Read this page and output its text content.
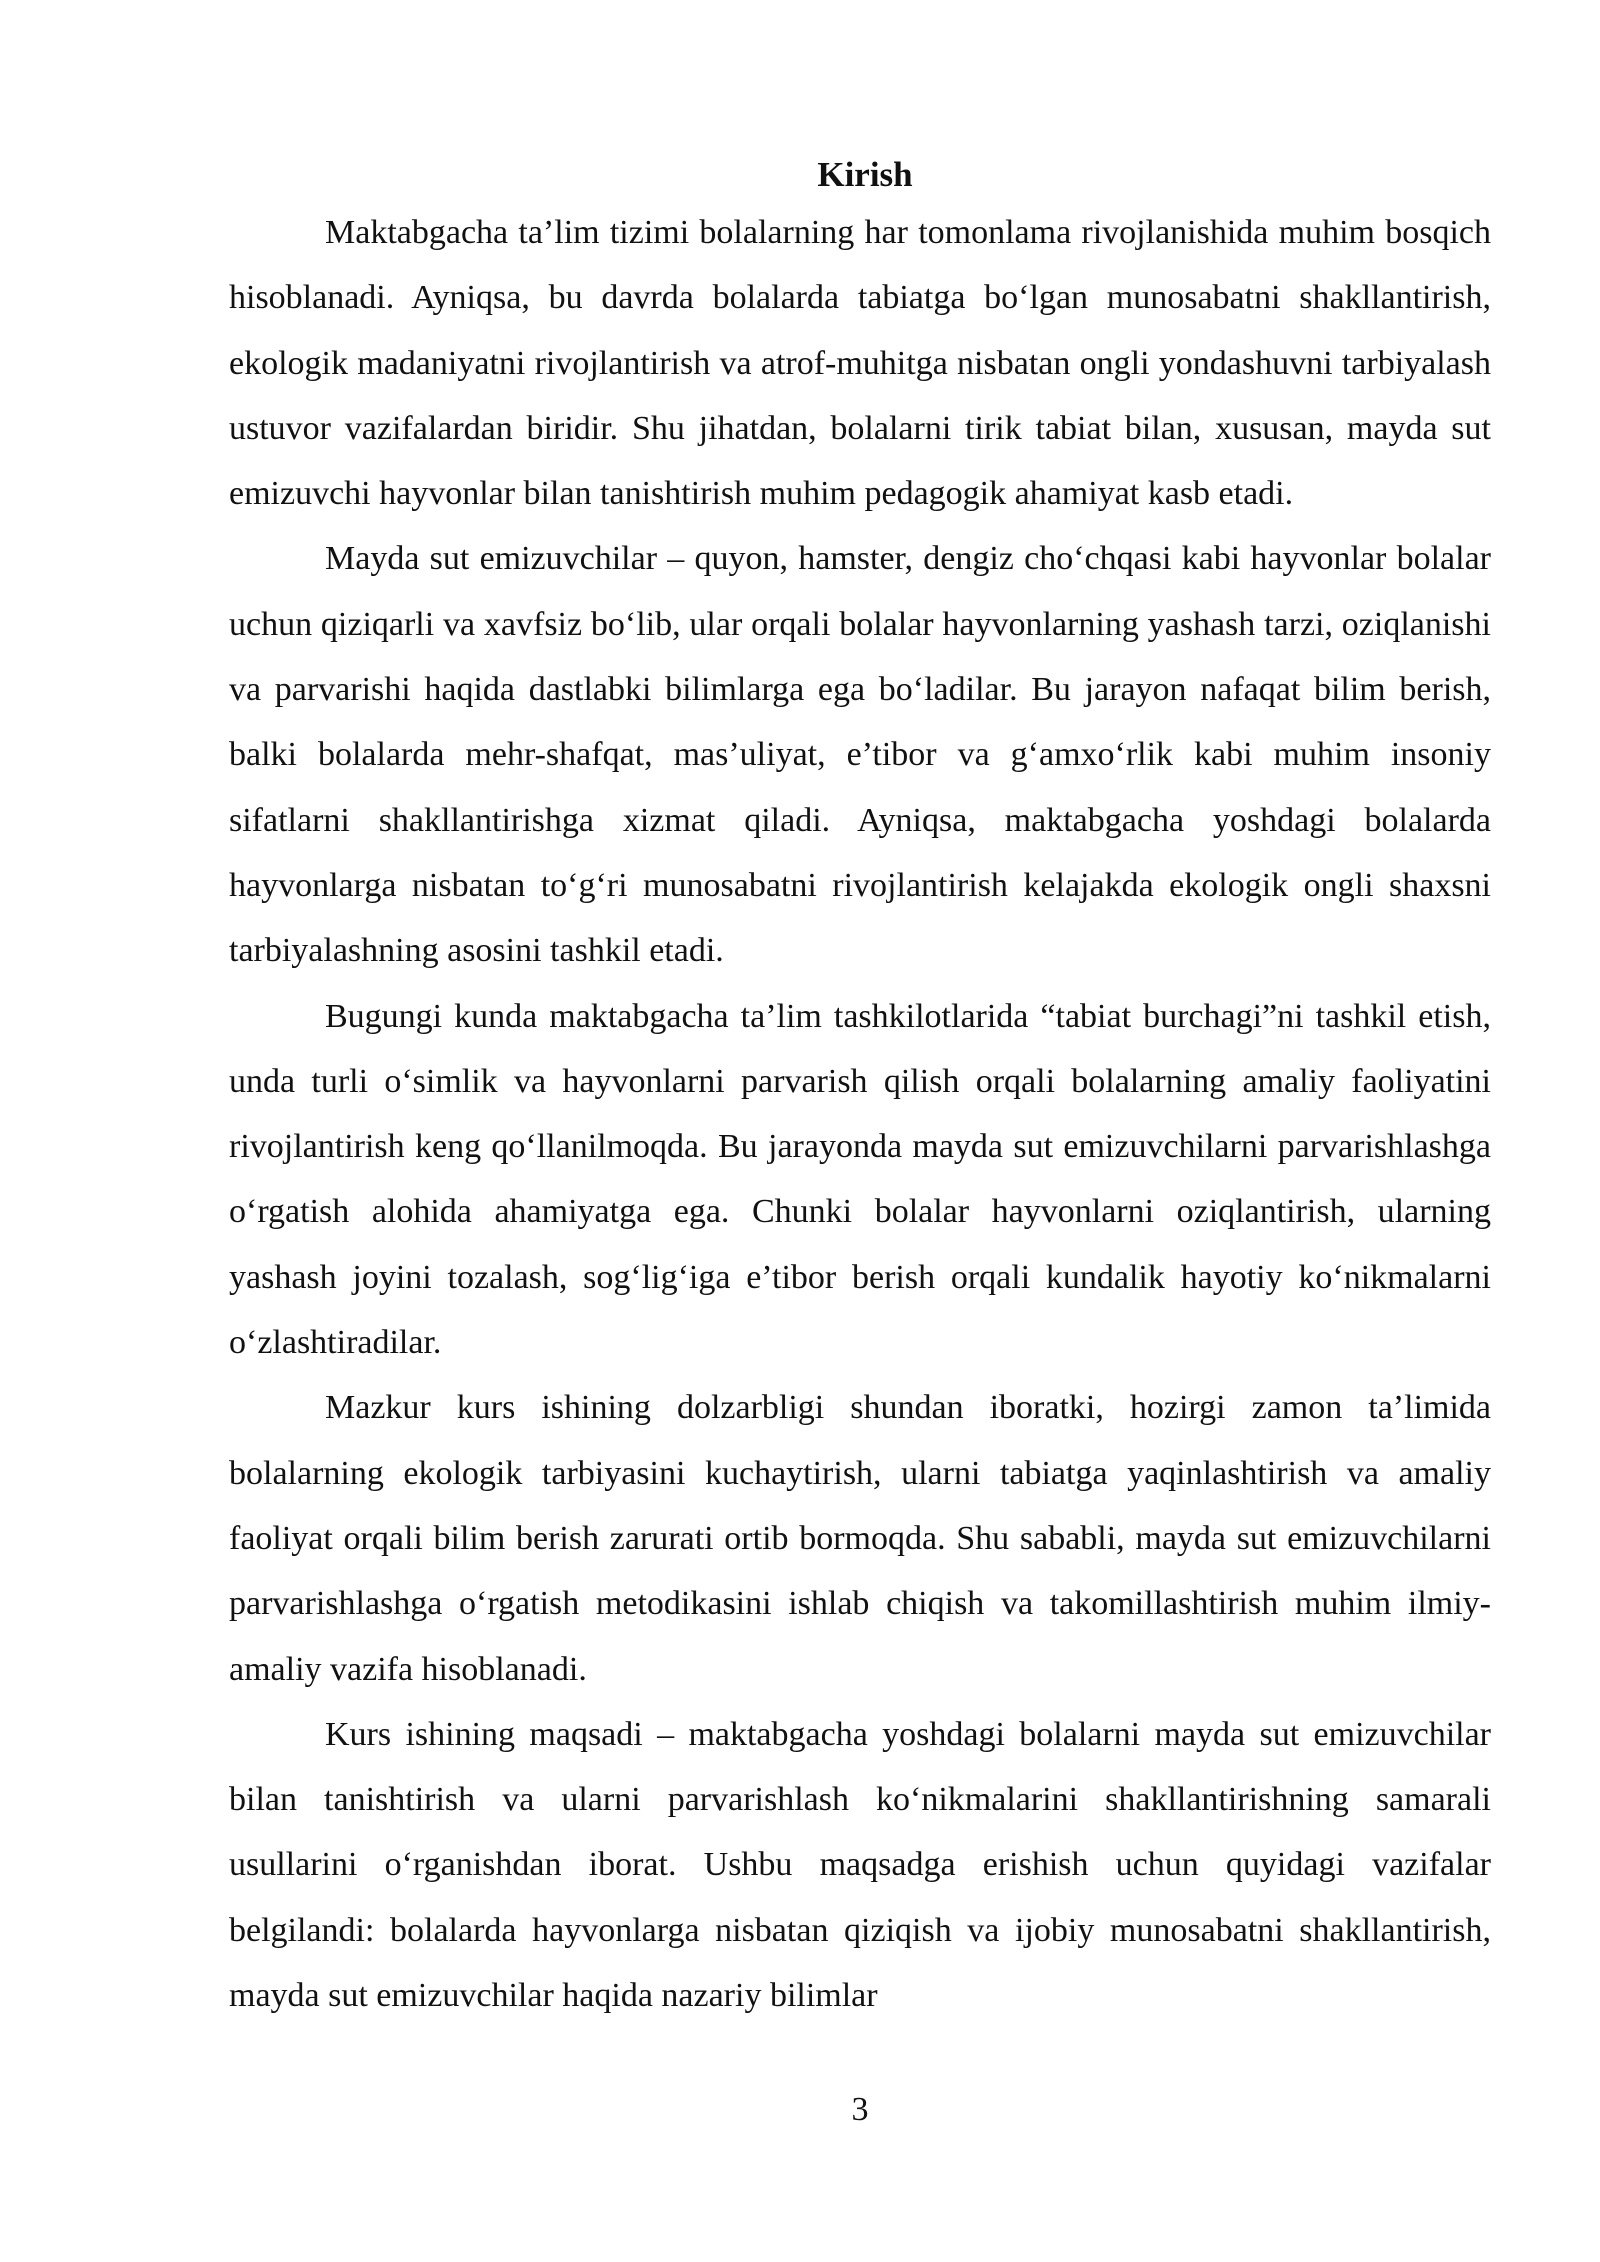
Kirish

Maktabgacha ta’lim tizimi bolalarning har tomonlama rivojlanishida muhim bosqich hisoblanadi. Ayniqsa, bu davrda bolalarda tabiatga bo‘lgan munosabatni shakllantirish, ekologik madaniyatni rivojlantirish va atrof-muhitga nisbatan ongli yondashuvni tarbiyalash ustuvor vazifalardan biridir. Shu jihatdan, bolalarni tirik tabiat bilan, xususan, mayda sut emizuvchi hayvonlar bilan tanishtirish muhim pedagogik ahamiyat kasb etadi.

Mayda sut emizuvchilar – quyon, hamster, dengiz cho‘chqasi kabi hayvonlar bolalar uchun qiziqarli va xavfsiz bo‘lib, ular orqali bolalar hayvonlarning yashash tarzi, oziqlanishi va parvarishi haqida dastlabki bilimlarga ega bo‘ladilar. Bu jarayon nafaqat bilim berish, balki bolalarda mehr-shafqat, mas’uliyat, e’tibor va g‘amxo‘rlik kabi muhim insoniy sifatlarni shakllantirishga xizmat qiladi. Ayniqsa, maktabgacha yoshdagi bolalarda hayvonlarga nisbatan to‘g‘ri munosabatni rivojlantirish kelajakda ekologik ongli shaxsni tarbiyalashning asosini tashkil etadi.

Bugungi kunda maktabgacha ta’lim tashkilotlarida “tabiat burchagi”ni tashkil etish, unda turli o‘simlik va hayvonlarni parvarish qilish orqali bolalarning amaliy faoliyatini rivojlantirish keng qo‘llanilmoqda. Bu jarayonda mayda sut emizuvchilarni parvarishlashga o‘rgatish alohida ahamiyatga ega. Chunki bolalar hayvonlarni oziqlantirish, ularning yashash joyini tozalash, sog‘lig‘iga e’tibor berish orqali kundalik hayotiy ko‘nikmalarni o‘zlashtiradilar.

Mazkur kurs ishining dolzarbligi shundan iboratki, hozirgi zamon ta’limida bolalarning ekologik tarbiyasini kuchaytirish, ularni tabiatga yaqinlashtirish va amaliy faoliyat orqali bilim berish zarurati ortib bormoqda. Shu sababli, mayda sut emizuvchilarni parvarishlashga o‘rgatish metodikasini ishlab chiqish va takomillashtirish muhim ilmiy-amaliy vazifa hisoblanadi.

Kurs ishining maqsadi – maktabgacha yoshdagi bolalarni mayda sut emizuvchilar bilan tanishtirish va ularni parvarishlash ko‘nikmalarini shakllantirishning samarali usullarini o‘rganishdan iborat. Ushbu maqsadga erishish uchun quyidagi vazifalar belgilandi: bolalarda hayvonlarga nisbatan qiziqish va ijobiy munosabatni shakllantirish, mayda sut emizuvchilar haqida nazariy bilimlar

3
